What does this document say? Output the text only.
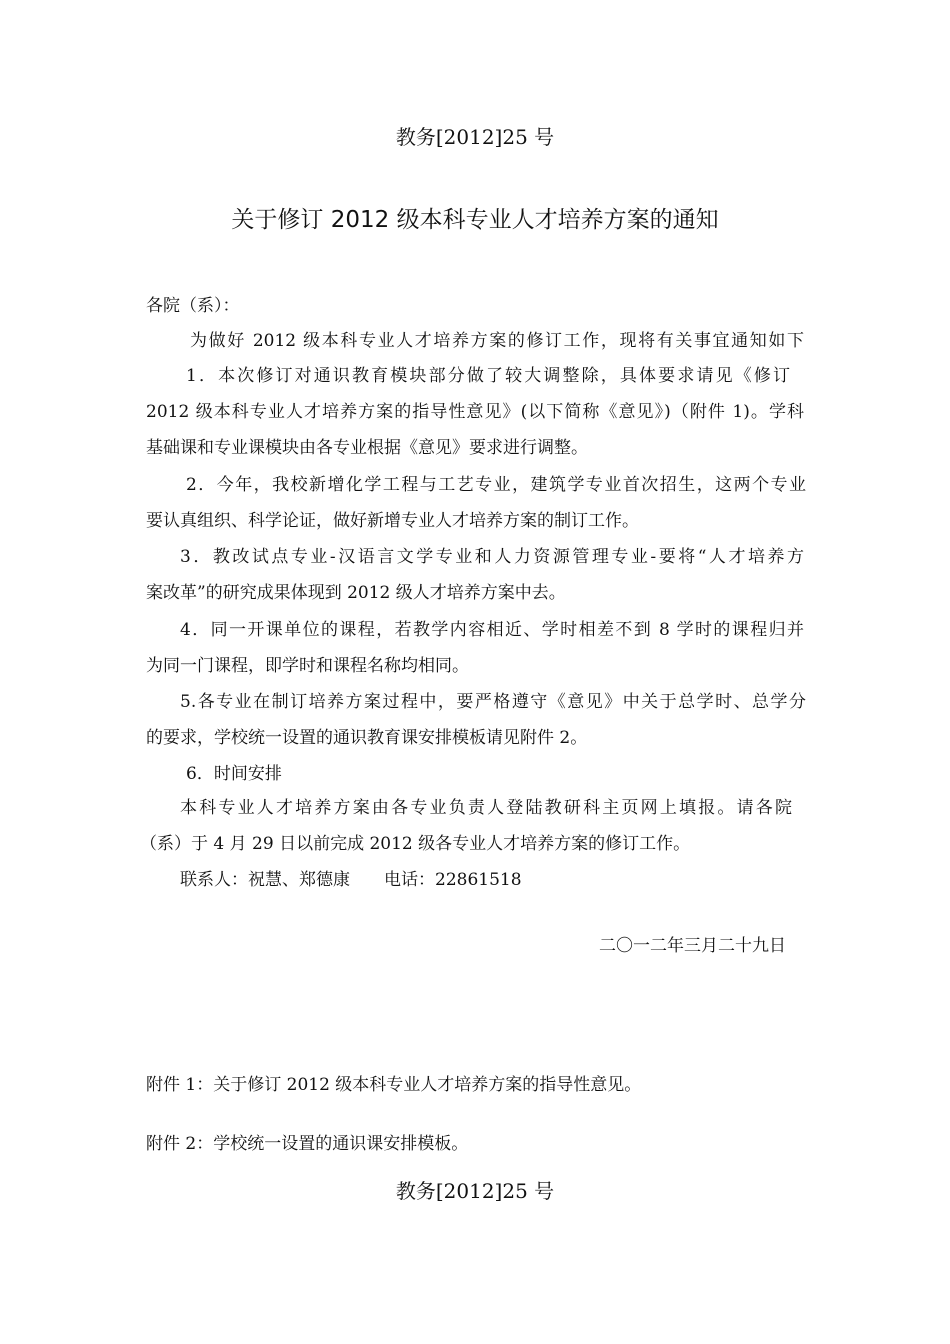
教务[2012]25 号
关于修订 2012 级本科专业人才培养方案的通知
各院（系）：
为做好 2012 级本科专业人才培养方案的修订工作，现将有关事宜通知如下
1．本次修订对通识教育模块部分做了较大调整除，具体要求请见《修订
2012 级本科专业人才培养方案的指导性意见》(以下简称《意见》)（附件 1)。学科
基础课和专业课模块由各专业根据《意见》要求进行调整。
2．今年，我校新增化学工程与工艺专业，建筑学专业首次招生，这两个专业
要认真组织、科学论证，做好新增专业人才培养方案的制订工作。
3．教改试点专业-汉语言文学专业和人力资源管理专业-要将“人才培养方
案改革”的研究成果体现到 2012 级人才培养方案中去。
4．同一开课单位的课程，若教学内容相近、学时相差不到 8 学时的课程归并
为同一门课程，即学时和课程名称均相同。
5.各专业在制订培养方案过程中，要严格遵守《意见》中关于总学时、总学分
的要求，学校统一设置的通识教育课安排模板请见附件 2。
6．时间安排
本科专业人才培养方案由各专业负责人登陆教研科主页网上填报。请各院
（系）于 4 月 29 日以前完成 2012 级各专业人才培养方案的修订工作。
联系人：祝慧、郑德康　　电话：22861518
二〇一二年三月二十九日
附件 1：关于修订 2012 级本科专业人才培养方案的指导性意见。
附件 2：学校统一设置的通识课安排模板。
教务[2012]25 号
